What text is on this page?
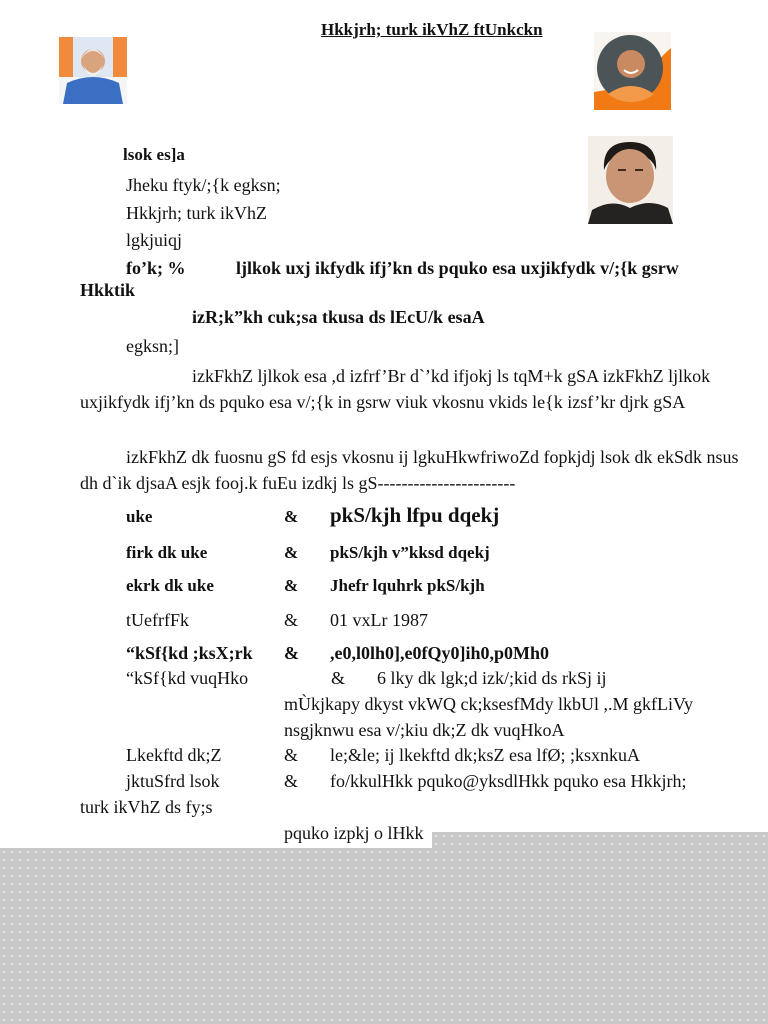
Hkkjrh; turk ikVhZ ftUnkckn
lsok es]a
Jheku ftyk/;{k egksn;
Hkkjrh; turk ikVhZ
lgkjuiqj
fo’k; %	ljlkok uxj ikfydk ifj’kn ds pquko esa uxjikfydk v/;{k gsrw
Hkktik
izR;k”kh cuk;sa tkusa ds lEcU/k esaA
egksn;]
izkFkhZ ljlkok esa ,d izfrf’Br d`’kd ifjokj ls tqM+k gSA izkFkhZ ljlkok uxjikfydk ifj’kn ds pquko esa v/;{k in gsrw viuk vkosnu vkids le{k izsf’kr djrk gSA
izkFkhZ dk fuosnu gS fd esjs vkosnu ij lgkuHkwfriwoZd fopkjdj lsok dk ekSdk nsus dh d`ik djsaA esjk fooj.k fuEu izdkj ls gS-----------------------
uke	& pkS/kjh lfpu dqekj
firk dk uke	& pkS/kjh v”kksd dqekj
ekrk dk uke	& Jhefr lquhrk pkS/kjh
tUefrfFk	& 01 vxLr 1987
“kSf{kd ;ksX;rk & ,e0,l0lh0],e0fQy0]ih0,p0Mh0
“kSf{kd vuqHko	& 6 lky dk lgk;d izk/;kid ds rkSj ij
mÙkjkapy dkyst vkWQ ck;ksesfMdy lkbUl ,.M gkfLiVy
nsgjknwu esa v/;kiu dk;Z dk vuqHkoA
Lkekftd dk;Z	& le;&le; ij lkekftd dk;ksZ esa lfØ; ;ksxnkuA
jktuSfrd lsok	& fo/kkulHkk pquko@yksdlHkk pquko esa Hkkjrh;
turk ikVhZ ds fy;s
pquko izpkj o lHkk
